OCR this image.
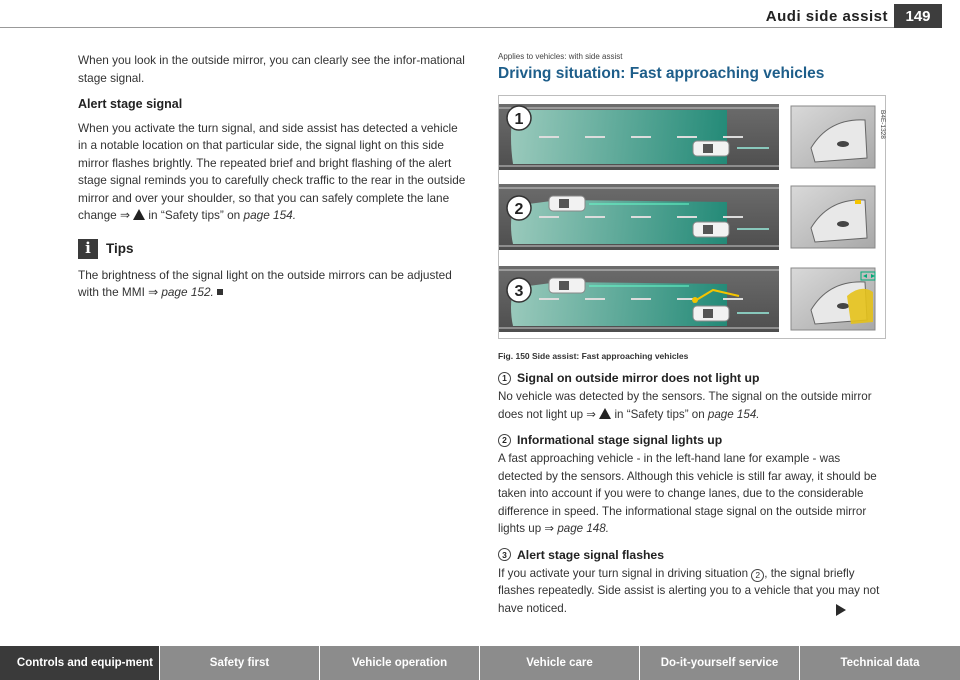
Audi side assist	149

When you look in the outside mirror, you can clearly see the infor-mational stage signal.

Alert stage signal

When you activate the turn signal, and side assist has detected a vehicle in a notable location on that particular side, the signal light on this side mirror flashes brightly. The repeated brief and bright flashing of the alert stage signal reminds you to carefully check traffic to the rear in the outside mirror and over your shoulder, so that you can safely complete the lane change ⇒  in “Safety tips” on page 154.

i	Tips

The brightness of the signal light on the outside mirrors can be adjusted with the MMI ⇒ page 152.

Applies to vehicles: with side assist
Driving situation: Fast approaching vehicles
1	B4E-1328
2
3
Fig. 150 Side assist: Fast approaching vehicles
1 Signal on outside mirror does not light up

No vehicle was detected by the sensors. The signal on the outside mirror does not light up ⇒  in “Safety tips” on page 154.

2 Informational stage signal lights up

A fast approaching vehicle - in the left-hand lane for example - was detected by the sensors. Although this vehicle is still far away, it should be taken into account if you were to change lanes, due to the considerable difference in speed. The informational stage signal on the outside mirror lights up ⇒ page 148.

3 Alert stage signal flashes

If you activate your turn signal in driving situation 2 , the signal briefly flashes repeatedly. Side assist is alerting you to a vehicle that you may not have noticed.

Controls and equip-ment	Safety first	Vehicle operation	Vehicle care	Do-it-yourself service	Technical data
